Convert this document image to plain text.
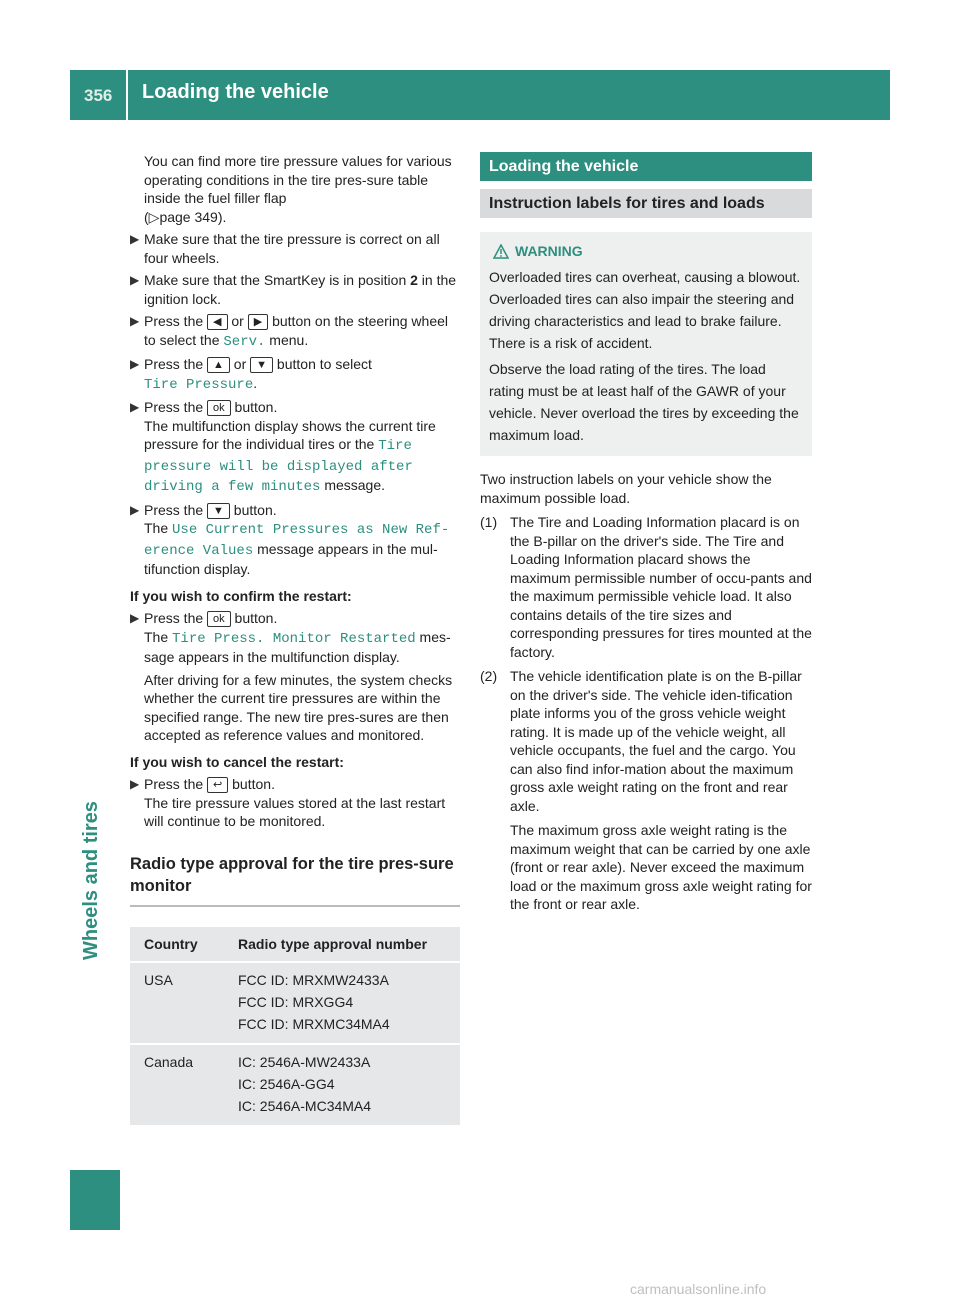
356 Loading the vehicle
Wheels and tires

You can find more tire pressure values for various operating conditions in the tire pres-sure table inside the fuel filler flap
(▷page 349).

▶ Make sure that the tire pressure is correct on all four wheels.
▶ Make sure that the SmartKey is in position 2 in the ignition lock.
▶ Press the ◀ or ▶ button on the steering wheel to select the Serv. menu.
▶ Press the ▲ or ▼ button to select
Tire Pressure.
▶ Press the ok button.
The multifunction display shows the current tire pressure for the individual tires or the Tire pressure will be displayed after driving a few minutes message.
▶ Press the ▼ button.
The Use Current Pressures as New Ref-erence Values message appears in the mul-tifunction display.

If you wish to confirm the restart:

▶ Press the ok button.
The Tire Press. Monitor Restarted mes-sage appears in the multifunction display.

After driving for a few minutes, the system checks whether the current tire pressures are within the specified range. The new tire pres-sures are then accepted as reference values and monitored.

If you wish to cancel the restart:

▶ Press the ↩ button.
The tire pressure values stored at the last restart will continue to be monitored.
Radio type approval for the tire pres-sure monitor
Country	Radio type approval number
USA	FCC ID: MRXMW2433A
FCC ID: MRXGG4
FCC ID: MRXMC34MA4

Canada	IC: 2546A-MW2433A
IC: 2546A-GG4
IC: 2546A-MC34MA4
Loading the vehicle
Instruction labels for tires and loads
WARNING

Overloaded tires can overheat, causing a blowout. Overloaded tires can also impair the steering and driving characteristics and lead to brake failure. There is a risk of accident.

Observe the load rating of the tires. The load rating must be at least half of the GAWR of your vehicle. Never overload the tires by exceeding the maximum load.

Two instruction labels on your vehicle show the maximum possible load.

(1) The Tire and Loading Information placard is on the B-pillar on the driver's side. The Tire and Loading Information placard shows the maximum permissible number of occu-pants and the maximum permissible vehicle load. It also contains details of the tire sizes and corresponding pressures for tires mounted at the factory.

(2) The vehicle identification plate is on the B-pillar on the driver's side. The vehicle iden-tification plate informs you of the gross vehicle weight rating. It is made up of the vehicle weight, all vehicle occupants, the fuel and the cargo. You can also find infor-mation about the maximum gross axle weight rating on the front and rear axle.

The maximum gross axle weight rating is the maximum weight that can be carried by one axle (front or rear axle). Never exceed the maximum load or the maximum gross axle weight rating for the front or rear axle.

carmanualsonline.info
